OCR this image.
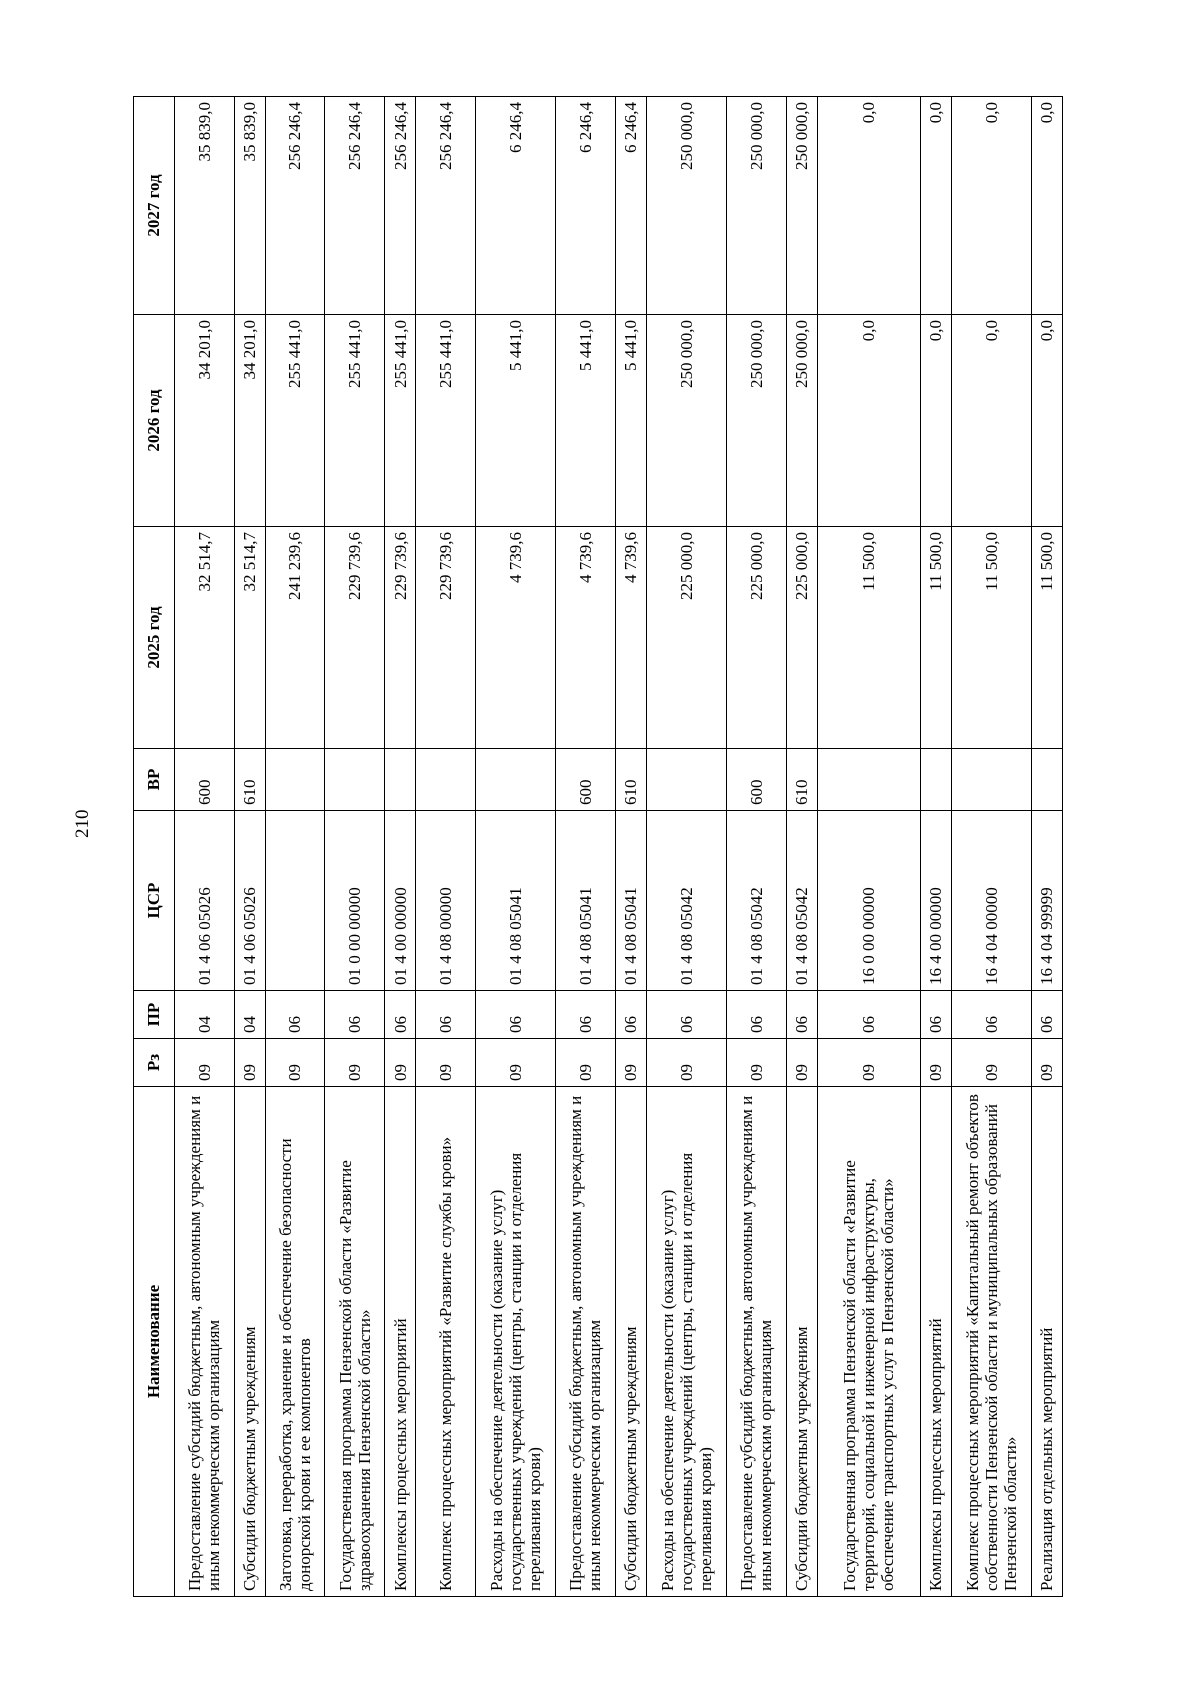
210
Наименование	Рз	ПР	ЦСР	ВР	2025 год	2026 год	2027 год
Предоставление субсидий бюджетным, автономным учреждениям и иным некоммерческим организациям	09	04	01 4 06 05026	600	32 514,7	34 201,0	35 839,0
Субсидии бюджетным учреждениям	09	04	01 4 06 05026	610	32 514,7	34 201,0	35 839,0
Заготовка, переработка, хранение и обеспечение безопасности донорской крови и ее компонентов	09	06			241 239,6	255 441,0	256 246,4
Государственная программа Пензенской области «Развитие здравоохранения Пензенской области»	09	06	01 0 00 00000		229 739,6	255 441,0	256 246,4
Комплексы процессных мероприятий	09	06	01 4 00 00000		229 739,6	255 441,0	256 246,4
Комплекс процессных мероприятий «Развитие службы крови»	09	06	01 4 08 00000		229 739,6	255 441,0	256 246,4
Расходы на обеспечение деятельности (оказание услуг) государственных учреждений (центры, станции и отделения переливания крови)	09	06	01 4 08 05041		4 739,6	5 441,0	6 246,4
Предоставление субсидий бюджетным, автономным учреждениям и иным некоммерческим организациям	09	06	01 4 08 05041	600	4 739,6	5 441,0	6 246,4
Субсидии бюджетным учреждениям	09	06	01 4 08 05041	610	4 739,6	5 441,0	6 246,4
Расходы на обеспечение деятельности (оказание услуг) государственных учреждений (центры, станции и отделения переливания крови)	09	06	01 4 08 05042		225 000,0	250 000,0	250 000,0
Предоставление субсидий бюджетным, автономным учреждениям и иным некоммерческим организациям	09	06	01 4 08 05042	600	225 000,0	250 000,0	250 000,0
Субсидии бюджетным учреждениям	09	06	01 4 08 05042	610	225 000,0	250 000,0	250 000,0
Государственная программа Пензенской области «Развитие территорий, социальной и инженерной инфраструктуры, обеспечение транспортных услуг в Пензенской области»	09	06	16 0 00 00000		11 500,0	0,0	0,0
Комплексы процессных мероприятий	09	06	16 4 00 00000		11 500,0	0,0	0,0
Комплекс процессных мероприятий «Капитальный ремонт объектов собственности Пензенской области и муниципальных образований Пензенской области»	09	06	16 4 04 00000		11 500,0	0,0	0,0
Реализация отдельных мероприятий	09	06	16 4 04 99999		11 500,0	0,0	0,0
